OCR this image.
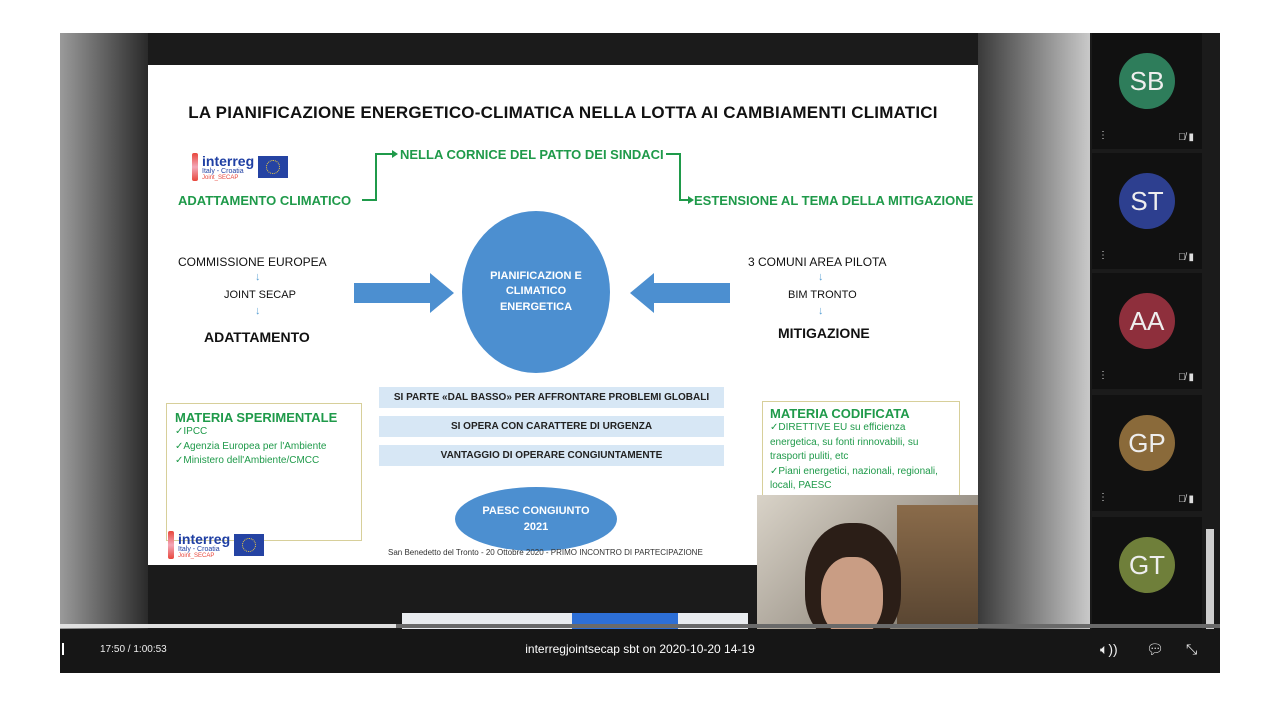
LA PIANIFICAZIONE ENERGETICO-CLIMATICA NELLA LOTTA AI CAMBIAMENTI CLIMATICI
interreg
Italy - Croatia
Joint_SECAP
NELLA CORNICE DEL PATTO DEI SINDACI
ADATTAMENTO CLIMATICO	ESTENSIONE AL TEMA DELLA MITIGAZIONE
COMMISSIONE EUROPEA
↓
JOINT SECAP
↓
ADATTAMENTO
3 COMUNI AREA PILOTA
↓
BIM TRONTO
↓
MITIGAZIONE
PIANIFICAZION E CLIMATICO ENERGETICA
SI PARTE «DAL BASSO» PER AFFRONTARE PROBLEMI GLOBALI
SI OPERA CON CARATTERE DI URGENZA
VANTAGGIO DI OPERARE CONGIUNTAMENTE
PAESC CONGIUNTO
2021
MATERIA SPERIMENTALE
✓IPCC
✓Agenzia Europea per l'Ambiente
✓Ministero dell'Ambiente/CMCC
MATERIA CODIFICATA
✓DIRETTIVE EU su efficienza energetica, su fonti rinnovabili, su trasporti puliti, etc
✓Piani energetici, nazionali, regionali, locali, PAESC
interreg
Italy - Croatia
Joint_SECAP	San Benedetto del Tronto - 20 Ottobre 2020 - PRIMO INCONTRO DI PARTECIPAZIONE
SB
⋮	🎙̸ ▮
ST
⋮	🎙̸ ▮
AA
⋮	🎙̸ ▮
GP
⋮	🎙̸ ▮
GT
17:50 / 1:00:53	interregjointsecap sbt on 2020-10-20 14-19	🔈︎)) 💬︎ ⤡
